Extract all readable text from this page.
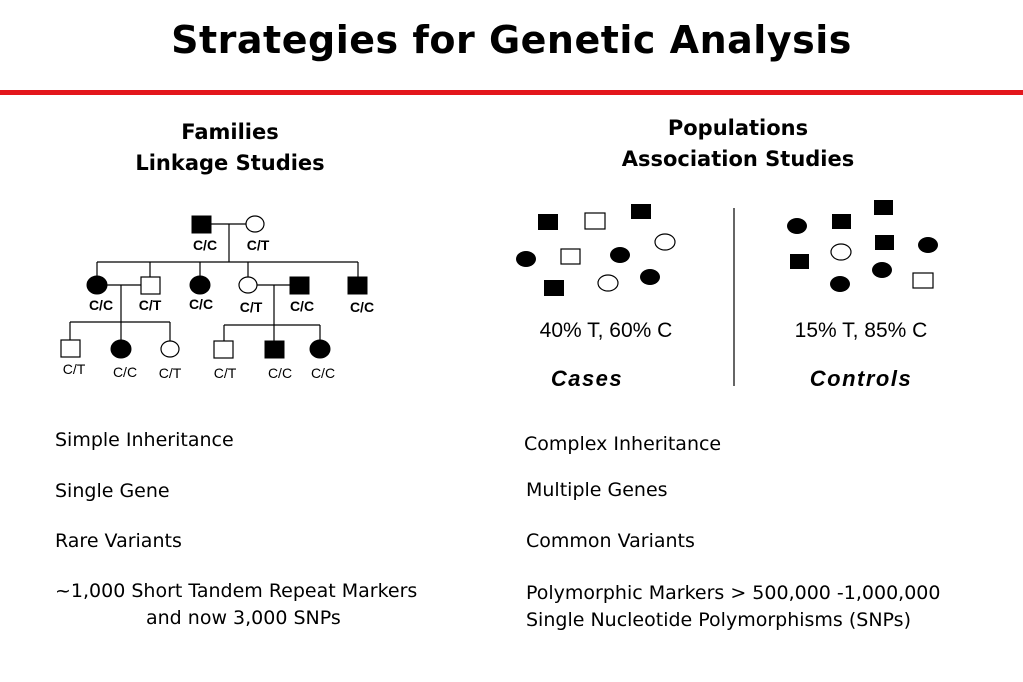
Strategies for Genetic Analysis
Families
Linkage Studies
Populations
Association Studies
C/C C/T
C/C C/T C/C C/T C/C	C/C
C/T C/C C/T C/T C/C C/C
40% T, 60% C	15% T, 85% C
Cases	Controls
Simple Inheritance
Single Gene
Rare Variants
~1,000 Short Tandem Repeat Markers
and now 3,000 SNPs
Complex Inheritance
Multiple Genes
Common Variants
Polymorphic Markers > 500,000 -1,000,000
Single Nucleotide Polymorphisms (SNPs)
